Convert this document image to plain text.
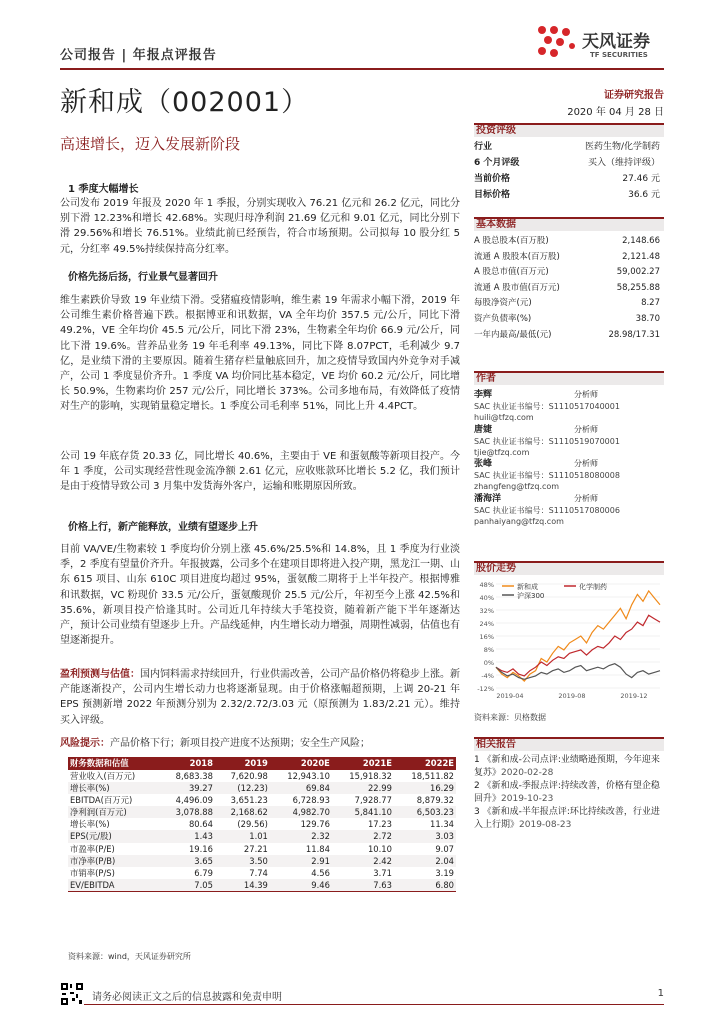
公司报告 | 年报点评报告
天风证券
TF SECURITIES
新和成（002001）	证券研究报告
2020 年 04 月 28 日
高速增长，迈入发展新阶段
1 季度大幅增长
公司发布 2019 年报及 2020 年 1 季报，分别实现收入 76.21 亿元和 26.2 亿元，同比分别下滑 12.23%和增长 42.68%。实现归母净利润 21.69 亿元和 9.01 亿元，同比分别下滑 29.56%和增长 76.51%。业绩此前已经预告，符合市场预期。公司拟每 10 股分红 5 元，分红率 49.5%持续保持高分红率。
价格先扬后扬，行业景气显著回升
维生素跌价导致 19 年业绩下滑。受猪瘟疫情影响，维生素 19 年需求小幅下滑，2019 年公司维生素价格普遍下跌。根据博亚和讯数据，VA 全年均价 357.5 元/公斤，同比下滑 49.2%，VE 全年均价 45.5 元/公斤，同比下滑 23%，生物素全年均价 66.9 元/公斤，同比下滑 19.6%。营养品业务 19 年毛利率 49.13%，同比下降 8.07PCT，毛利减少 9.7 亿，是业绩下滑的主要原因。随着生猪存栏量触底回升，加之疫情导致国内外竞争对手减产，公司 1 季度显价齐升。1 季度 VA 均价同比基本稳定，VE 均价 60.2 元/公斤，同比增长 50.9%，生物素均价 257 元/公斤，同比增长 373%。公司多地布局，有效降低了疫情对生产的影响，实现销量稳定增长。1 季度公司毛利率 51%，同比上升 4.4PCT。
公司 19 年底存货 20.33 亿，同比增长 40.6%，主要由于 VE 和蛋氨酸等新项目投产。今年 1 季度，公司实现经营性现金流净额 2.61 亿元，应收账款环比增长 5.2 亿，我们预计是由于疫情导致公司 3 月集中发货海外客户，运输和账期原因所致。
价格上行，新产能释放，业绩有望逐步上升
目前 VA/VE/生物素较 1 季度均价分别上涨 45.6%/25.5%和 14.8%，且 1 季度为行业淡季，2 季度有望量价齐升。年报披露，公司多个在建项目即将进入投产期，黑龙江一期、山东 615 项目、山东 610C 项目进度均超过 95%，蛋氨酸二期将于上半年投产。根据博雅和讯数据，VC 粉现价 33.5 元/公斤，蛋氨酸现价 25.5 元/公斤，年初至今上涨 42.5%和 35.6%，新项目投产恰逢其时。公司近几年持续大手笔投资，随着新产能下半年逐渐达产，预计公司业绩有望逐步上升。产品线延伸，内生增长动力增强，周期性减弱，估值也有望逐渐提升。
盈利预测与估值：国内饲料需求持续回升，行业供需改善，公司产品价格仍将稳步上涨。新产能逐渐投产，公司内生增长动力也将逐渐显现。由于价格涨幅超预期，上调 20-21 年 EPS 预测新增 2022 年预测分别为 2.32/2.72/3.03 元（原预测为 1.83/2.21 元）。维持买入评级。
风险提示：产品价格下行；新项目投产进度不达预期；安全生产风险；
财务数据和估值	2018	2019	2020E	2021E	2022E
营业收入(百万元)	8,683.38	7,620.98	12,943.10	15,918.32	18,511.82
增长率(%)	39.27	(12.23)	69.84	22.99	16.29
EBITDA(百万元)	4,496.09	3,651.23	6,728.93	7,928.77	8,879.32
净利润(百万元)	3,078.88	2,168.62	4,982.70	5,841.10	6,503.23
增长率(%)	80.64	(29.56)	129.76	17.23	11.34
EPS(元/股)	1.43	1.01	2.32	2.72	3.03
市盈率(P/E)	19.16	27.21	11.84	10.10	9.07
市净率(P/B)	3.65	3.50	2.91	2.42	2.04
市销率(P/S)	6.79	7.74	4.56	3.71	3.19
EV/EBITDA	7.05	14.39	9.46	7.63	6.80
资料来源：wind，天风证券研究所
投资评级
行业	医药生物/化学制药
6 个月评级	买入（维持评级）
当前价格	27.46 元
目标价格	36.6 元
基本数据
A 股总股本(百万股)	2,148.66
流通 A 股股本(百万股)	2,121.48
A 股总市值(百万元)	59,002.27
流通 A 股市值(百万元)	58,255.88
每股净资产(元)	8.27
资产负债率(%)	38.70
一年内最高/最低(元)	28.98/17.31
作者
李辉	分析师
SAC 执业证书编号：S1110517040001
huili@tfzq.com
唐婕	分析师
SAC 执业证书编号：S1110519070001
tjie@tfzq.com
张峰	分析师
SAC 执业证书编号：S1110518080008
zhangfeng@tfzq.com
潘海洋	分析师
SAC 执业证书编号：S1110517080006
panhaiyang@tfzq.com
股价走势
48%
40%
32%
24%
16%
8%
0%
-4%
-12%
2019-04	2019-08	2019-12
新和成	化学制药
沪深300
资料来源：贝格数据
相关报告
1 《新和成-公司点评:业绩略逊预期，今年迎来复苏》2020-02-28
2 《新和成-季报点评:持续改善，价格有望企稳回升》2019-10-23
3 《新和成-半年报点评:环比持续改善，行业进入上行期》2019-08-23
请务必阅读正文之后的信息披露和免责申明	1
